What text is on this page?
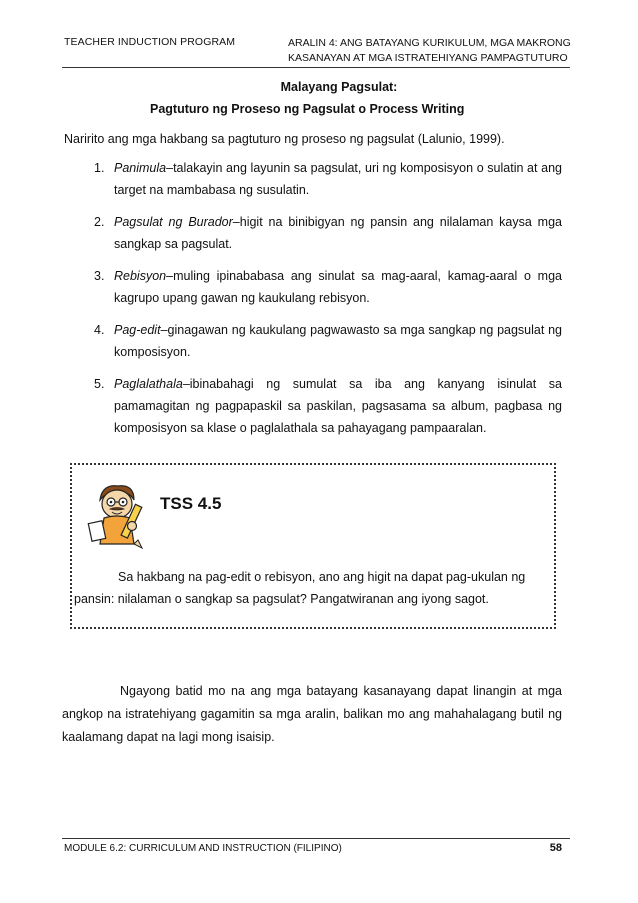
TEACHER INDUCTION PROGRAM	ARALIN 4: ANG BATAYANG KURIKULUM, MGA MAKRONG
KASANAYAN AT MGA ISTRATEHIYANG PAMPAGTUTURO
Malayang Pagsulat:
Pagtuturo ng Proseso ng Pagsulat o Process Writing
Naririto ang mga hakbang sa pagtuturo ng proseso ng pagsulat (Lalunio, 1999).
1. Panimula–talakayin ang layunin sa pagsulat, uri ng komposisyon o sulatin at ang target na mambabasa ng susulatin.
2. Pagsulat ng Burador–higit na binibigyan ng pansin ang nilalaman kaysa mga sangkap sa pagsulat.
3. Rebisyon–muling ipinababasa ang sinulat sa mag-aaral, kamag-aaral o mga kagrupo upang gawan ng kaukulang rebisyon.
4. Pag-edit–ginagawan ng kaukulang pagwawasto sa mga sangkap ng pagsulat ng komposisyon.
5. Paglalathala–ibinabahagi ng sumulat sa iba ang kanyang isinulat sa pamamagitan ng pagpapaskil sa paskilan, pagsasama sa album, pagbasa ng komposisyon sa klase o paglalathala sa pahayagang pampaaralan.
TSS 4.5
Sa hakbang na pag-edit o rebisyon, ano ang higit na dapat pag-ukulan ng
pansin: nilalaman o sangkap sa pagsulat? Pangatwiranan ang iyong sagot.

Ngayong batid mo na ang mga batayang kasanayang dapat linangin at mga angkop na istratehiyang gagamitin sa mga aralin, balikan mo ang mahahalagang butil ng kaalamang dapat na lagi mong isaisip.

MODULE 6.2: CURRICULUM AND INSTRUCTION (FILIPINO)	58
